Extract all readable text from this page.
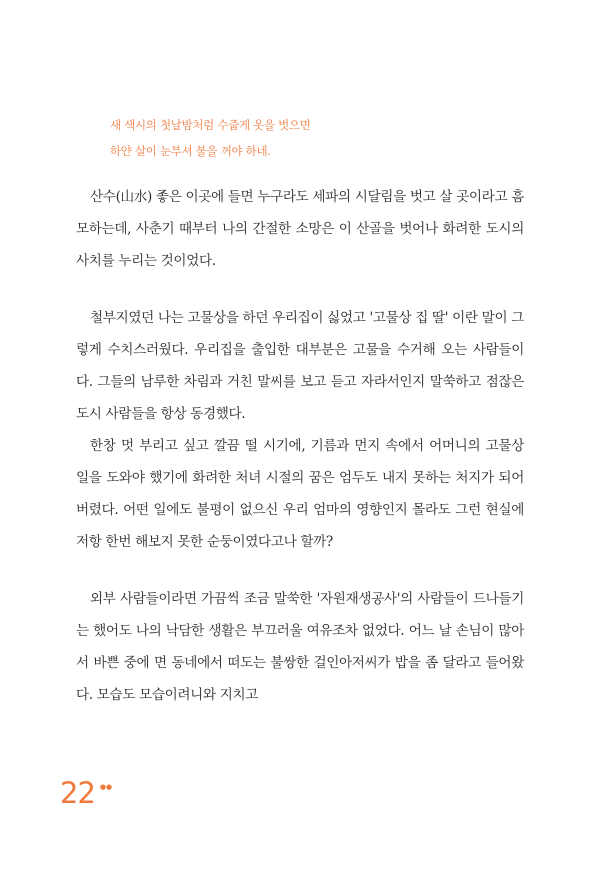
새 색시의 첫날밤처럼 수줍게 옷을 벗으면
하얀 살이 눈부셔 불을 꺼야 하네.

산수(山水) 좋은 이곳에 들면 누구라도 세파의 시달림을 벗고 살 곳이라고 흠모하는데, 사춘기 때부터 나의 간절한 소망은 이 산골을 벗어나 화려한 도시의 사치를 누리는 것이었다.

철부지였던 나는 고물상을 하던 우리집이 싫었고 '고물상 집 딸' 이란 말이 그렇게 수치스러웠다. 우리집을 출입한 대부분은 고물을 수거해 오는 사람들이다. 그들의 남루한 차림과 거친 말씨를 보고 듣고 자라서인지 말쑥하고 점잖은 도시 사람들을 항상 동경했다.

한창 멋 부리고 싶고 깔끔 떨 시기에, 기름과 먼지 속에서 어머니의 고물상 일을 도와야 했기에 화려한 처녀 시절의 꿈은 엄두도 내지 못하는 처지가 되어버렸다. 어떤 일에도 불평이 없으신 우리 엄마의 영향인지 몰라도 그런 현실에 저항 한번 해보지 못한 순둥이였다고나 할까?

외부 사람들이라면 가끔씩 조금 말쑥한 '자원재생공사'의 사람들이 드나들기는 했어도 나의 낙담한 생활은 부끄러울 여유조차 없었다. 어느 날 손님이 많아서 바쁜 중에 면 동네에서 떠도는 불쌍한 걸인아저씨가 밥을 좀 달라고 들어왔다. 모습도 모습이려니와 지치고

22 ●●
